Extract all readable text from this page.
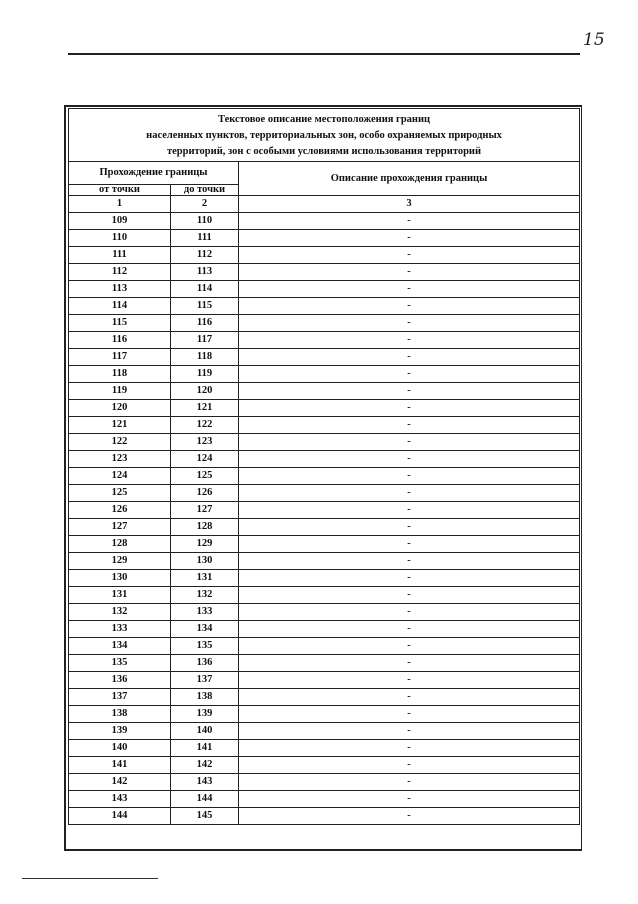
15
Текстовое описание местоположения границ
населенных пунктов, территориальных зон, особо охраняемых природных
территорий, зон с особыми условиями использования территорий		

Прохождение границы		Описание прохождения границы
от точки	до точки	
1	2	3
109	110	-
110	111	-
111	112	-
112	113	-
113	114	-
114	115	-
115	116	-
116	117	-
117	118	-
118	119	-
119	120	-
120	121	-
121	122	-
122	123	-
123	124	-
124	125	-
125	126	-
126	127	-
127	128	-
128	129	-
129	130	-
130	131	-
131	132	-
132	133	-
133	134	-
134	135	-
135	136	-
136	137	-
137	138	-
138	139	-
139	140	-
140	141	-
141	142	-
142	143	-
143	144	-
144	145	-
